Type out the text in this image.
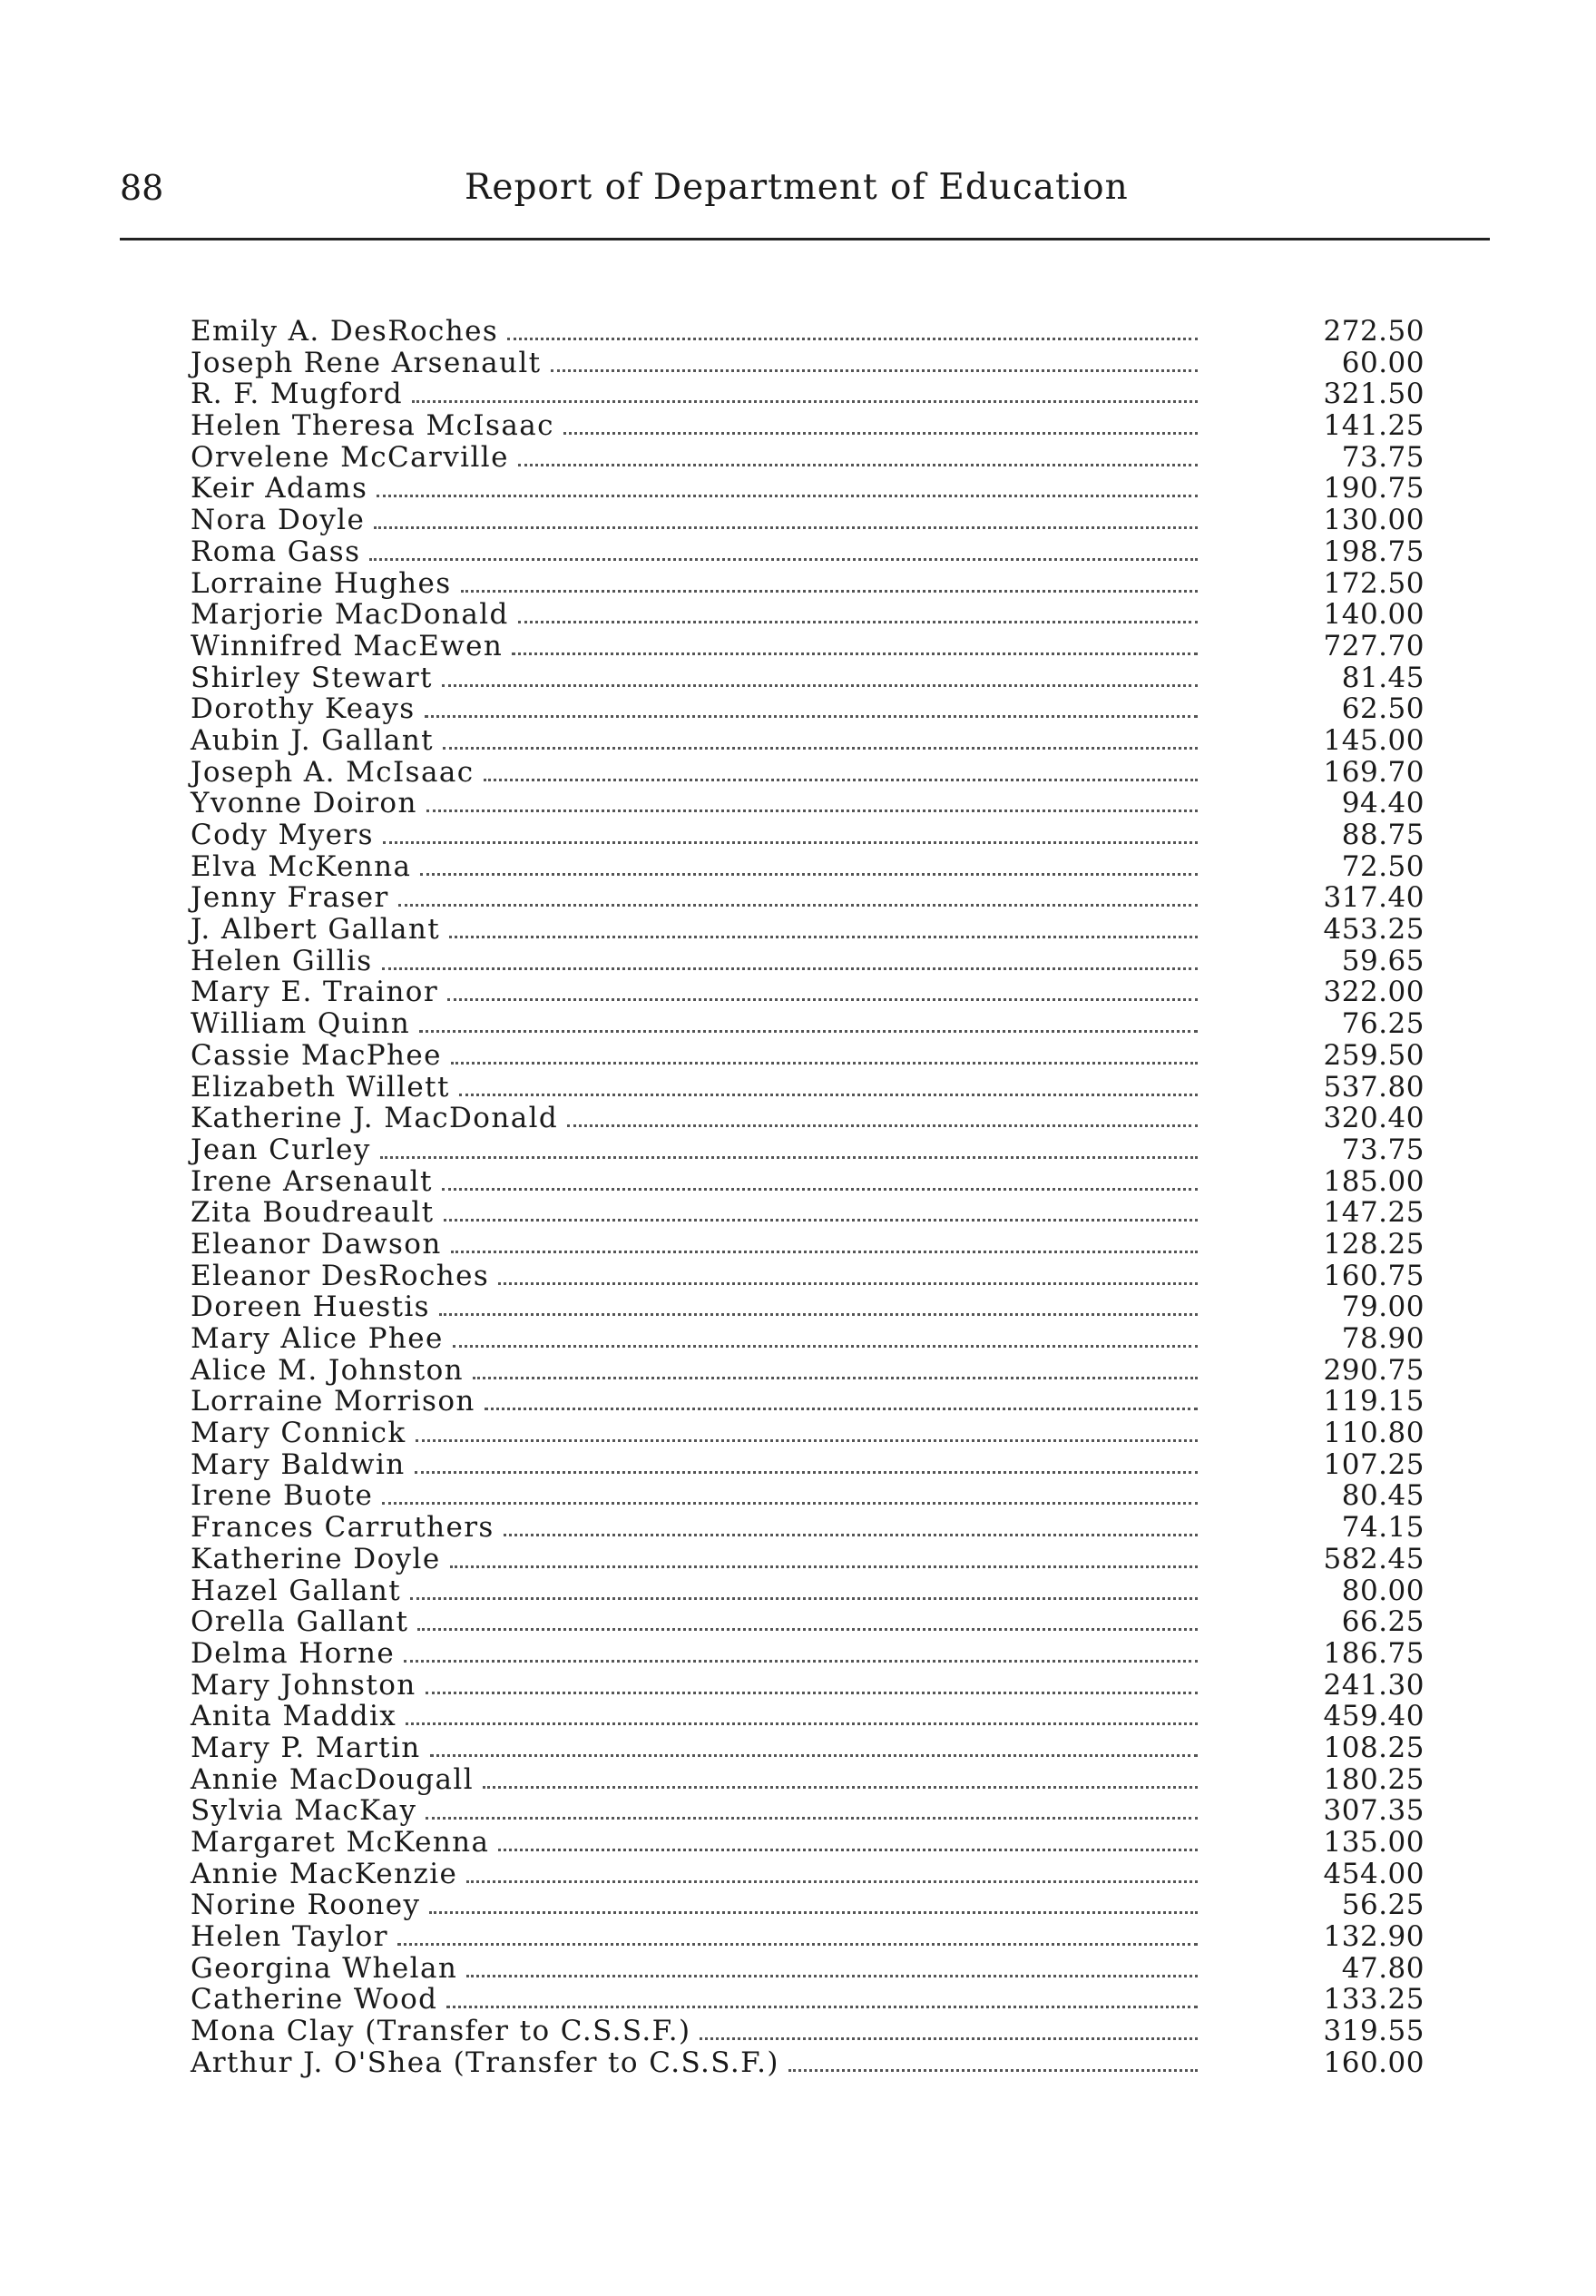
88	Report of Department of Education
Emily A. DesRoches	272.50
Joseph Rene Arsenault	60.00
R. F. Mugford	321.50
Helen Theresa McIsaac	141.25
Orvelene McCarville	73.75
Keir Adams	190.75
Nora Doyle	130.00
Roma Gass	198.75
Lorraine Hughes	172.50
Marjorie MacDonald	140.00
Winnifred MacEwen	727.70
Shirley Stewart	81.45
Dorothy Keays	62.50
Aubin J. Gallant	145.00
Joseph A. McIsaac	169.70
Yvonne Doiron	94.40
Cody Myers	88.75
Elva McKenna	72.50
Jenny Fraser	317.40
J. Albert Gallant	453.25
Helen Gillis	59.65
Mary E. Trainor	322.00
William Quinn	76.25
Cassie MacPhee	259.50
Elizabeth Willett	537.80
Katherine J. MacDonald	320.40
Jean Curley	73.75
Irene Arsenault	185.00
Zita Boudreault	147.25
Eleanor Dawson	128.25
Eleanor DesRoches	160.75
Doreen Huestis	79.00
Mary Alice Phee	78.90
Alice M. Johnston	290.75
Lorraine Morrison	119.15
Mary Connick	110.80
Mary Baldwin	107.25
Irene Buote	80.45
Frances Carruthers	74.15
Katherine Doyle	582.45
Hazel Gallant	80.00
Orella Gallant	66.25
Delma Horne	186.75
Mary Johnston	241.30
Anita Maddix	459.40
Mary P. Martin	108.25
Annie MacDougall	180.25
Sylvia MacKay	307.35
Margaret McKenna	135.00
Annie MacKenzie	454.00
Norine Rooney	56.25
Helen Taylor	132.90
Georgina Whelan	47.80
Catherine Wood	133.25
Mona Clay (Transfer to C.S.S.F.)	319.55
Arthur J. O'Shea (Transfer to C.S.S.F.)	160.00
